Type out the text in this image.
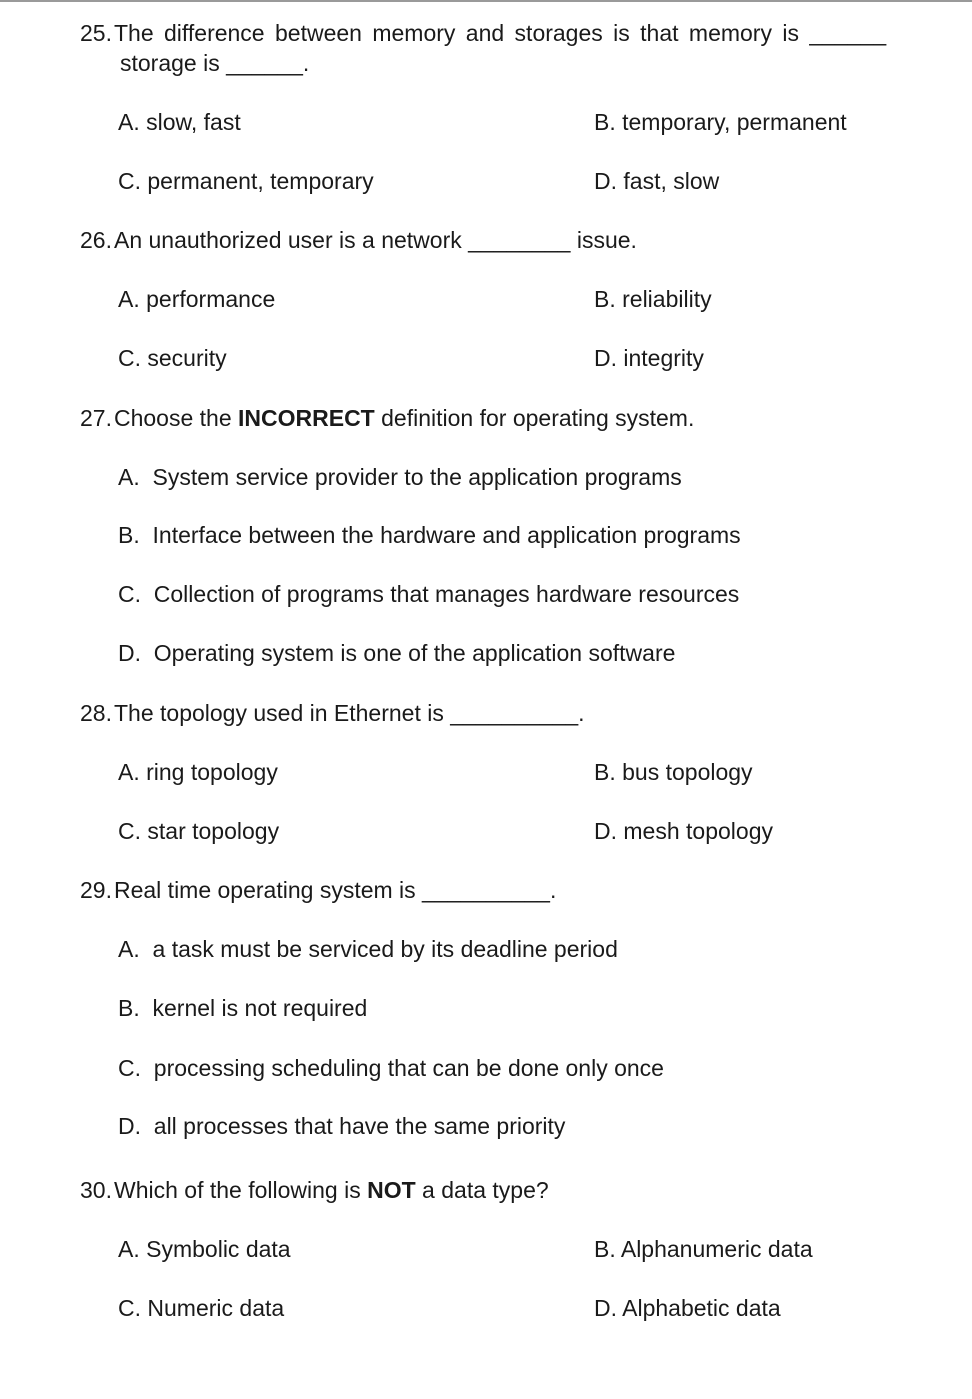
25.The difference between memory and storages is that memory is ______
storage is ______.
A. slow, fast	B. temporary, permanent
C. permanent, temporary	D. fast, slow
26.An unauthorized user is a network ________ issue.
A. performance	B. reliability
C. security	D. integrity
27.Choose the INCORRECT definition for operating system.
A.  System service provider to the application programs
B.  Interface between the hardware and application programs
C.  Collection of programs that manages hardware resources
D.  Operating system is one of the application software
28.The topology used in Ethernet is __________.
A. ring topology	B. bus topology
C. star topology	D. mesh topology
29.Real time operating system is __________.
A.  a task must be serviced by its deadline period
B.  kernel is not required
C.  processing scheduling that can be done only once
D.  all processes that have the same priority
30.Which of the following is NOT a data type?
A. Symbolic data	B. Alphanumeric data
C. Numeric data	D. Alphabetic data
